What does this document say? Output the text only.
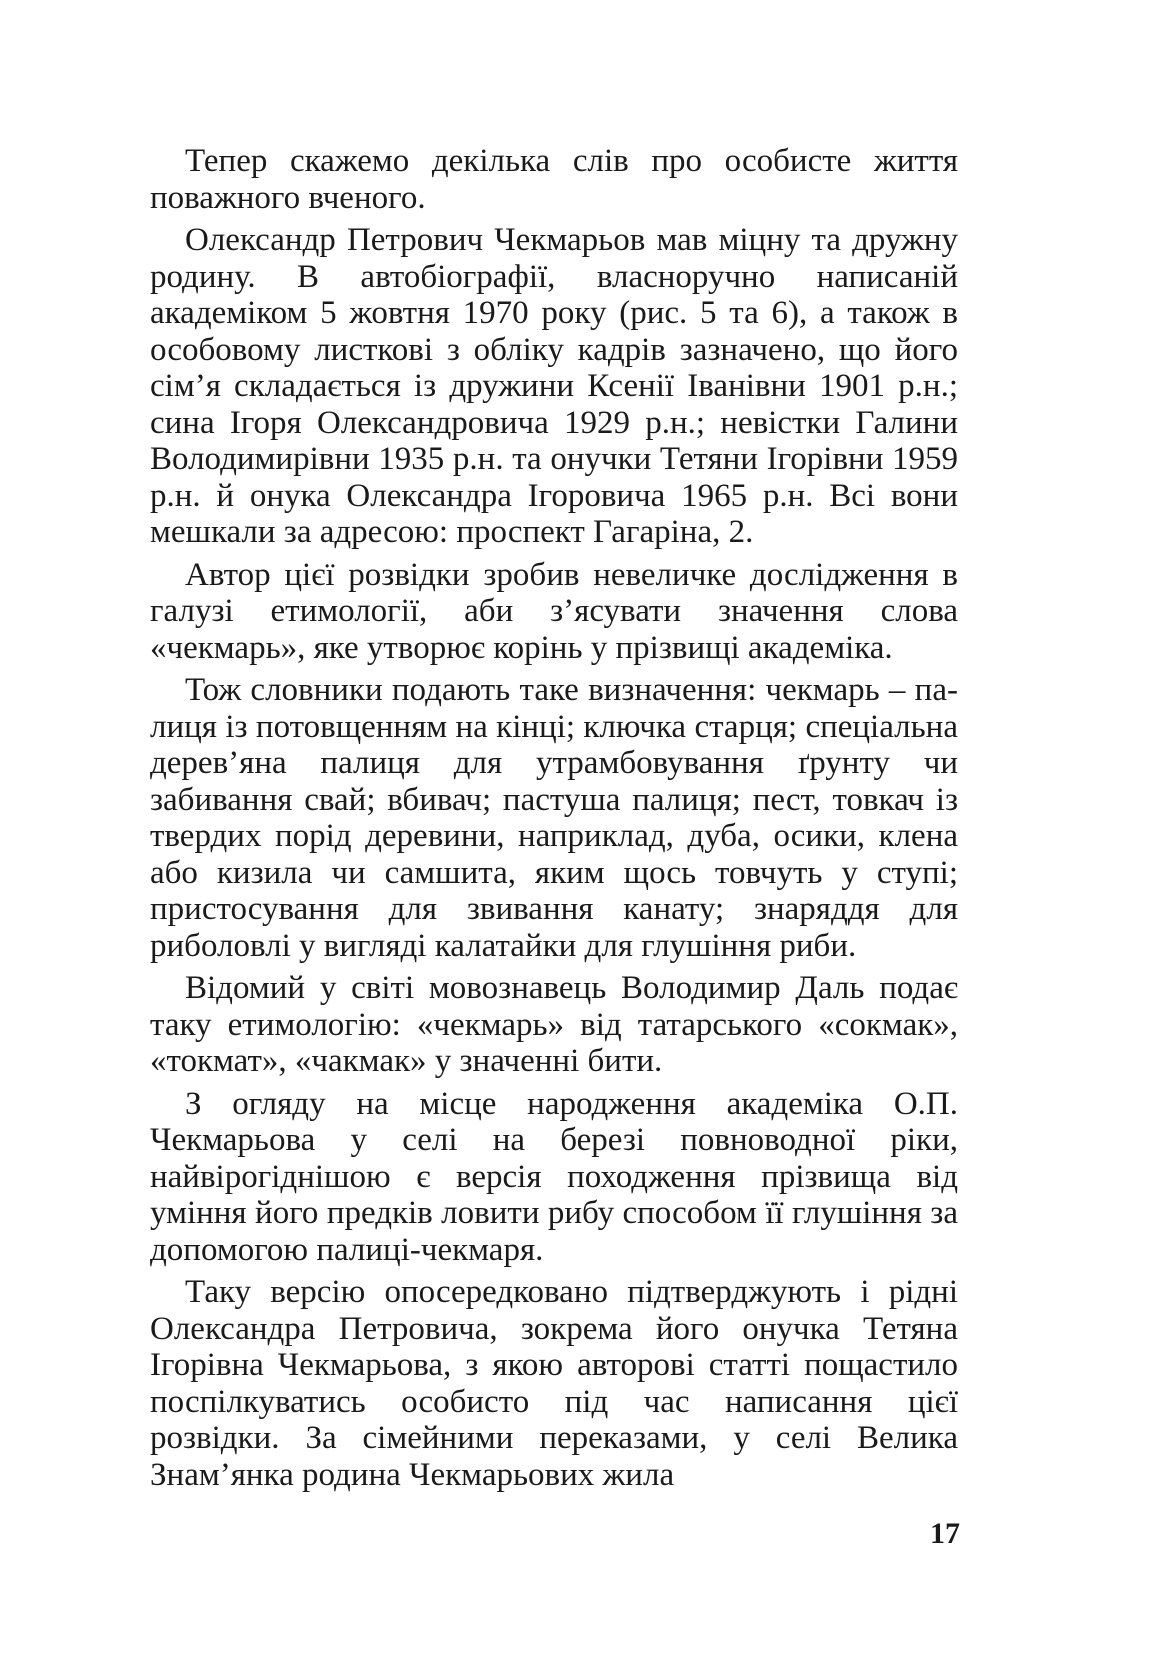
Тепер скажемо декілька слів про особисте життя поважного вченого.

Олександр Петрович Чекмарьов мав міцну та дружну родину. В автобіографії, власноручно написаній академіком 5 жовтня 1970 року (рис. 5 та 6), а також в особовому листкові з обліку кадрів зазначено, що його сім’я складається із дружини Ксенії Іванівни 1901 р.н.; сина Ігоря Олександровича 1929 р.н.; невістки Галини Володимирівни 1935 р.н. та онучки Тетяни Ігорівни 1959 р.н. й онука Олександра Ігоровича 1965 р.н. Всі вони мешкали за адресою: проспект Гагаріна, 2.

Автор цієї розвідки зробив невеличке дослідження в галузі етимології, аби з’ясувати значення слова «чекмарь», яке утворює корінь у прізвищі академіка.

Тож словники подають таке визначення: чекмарь – палиця із потовщенням на кінці; ключка старця; спеціальна дерев’яна палиця для утрамбовування ґрунту чи забивання свай; вбивач; пастуша палиця; пест, товкач із твердих порід деревини, наприклад, дуба, осики, клена або кизила чи самшита, яким щось товчуть у ступі; пристосування для звивання канату; знаряддя для риболовлі у вигляді калатайки для глушіння риби.

Відомий у світі мовознавець Володимир Даль подає таку етимологію: «чекмарь» від татарського «сокмак», «токмат», «чакмак» у значенні бити.

З огляду на місце народження академіка О.П. Чекмарьова у селі на березі повноводної ріки, найвірогіднішою є версія походження прізвища від уміння його предків ловити рибу способом її глушіння за допомогою палиці-чекмаря.

Таку версію опосередковано підтверджують і рідні Олександра Петровича, зокрема його онучка Тетяна Ігорівна Чекмарьова, з якою авторові статті пощастило поспілкуватись особисто під час написання цієї розвідки. За сімейними переказами, у селі Велика Знам’янка родина Чекмарьових жила

17
